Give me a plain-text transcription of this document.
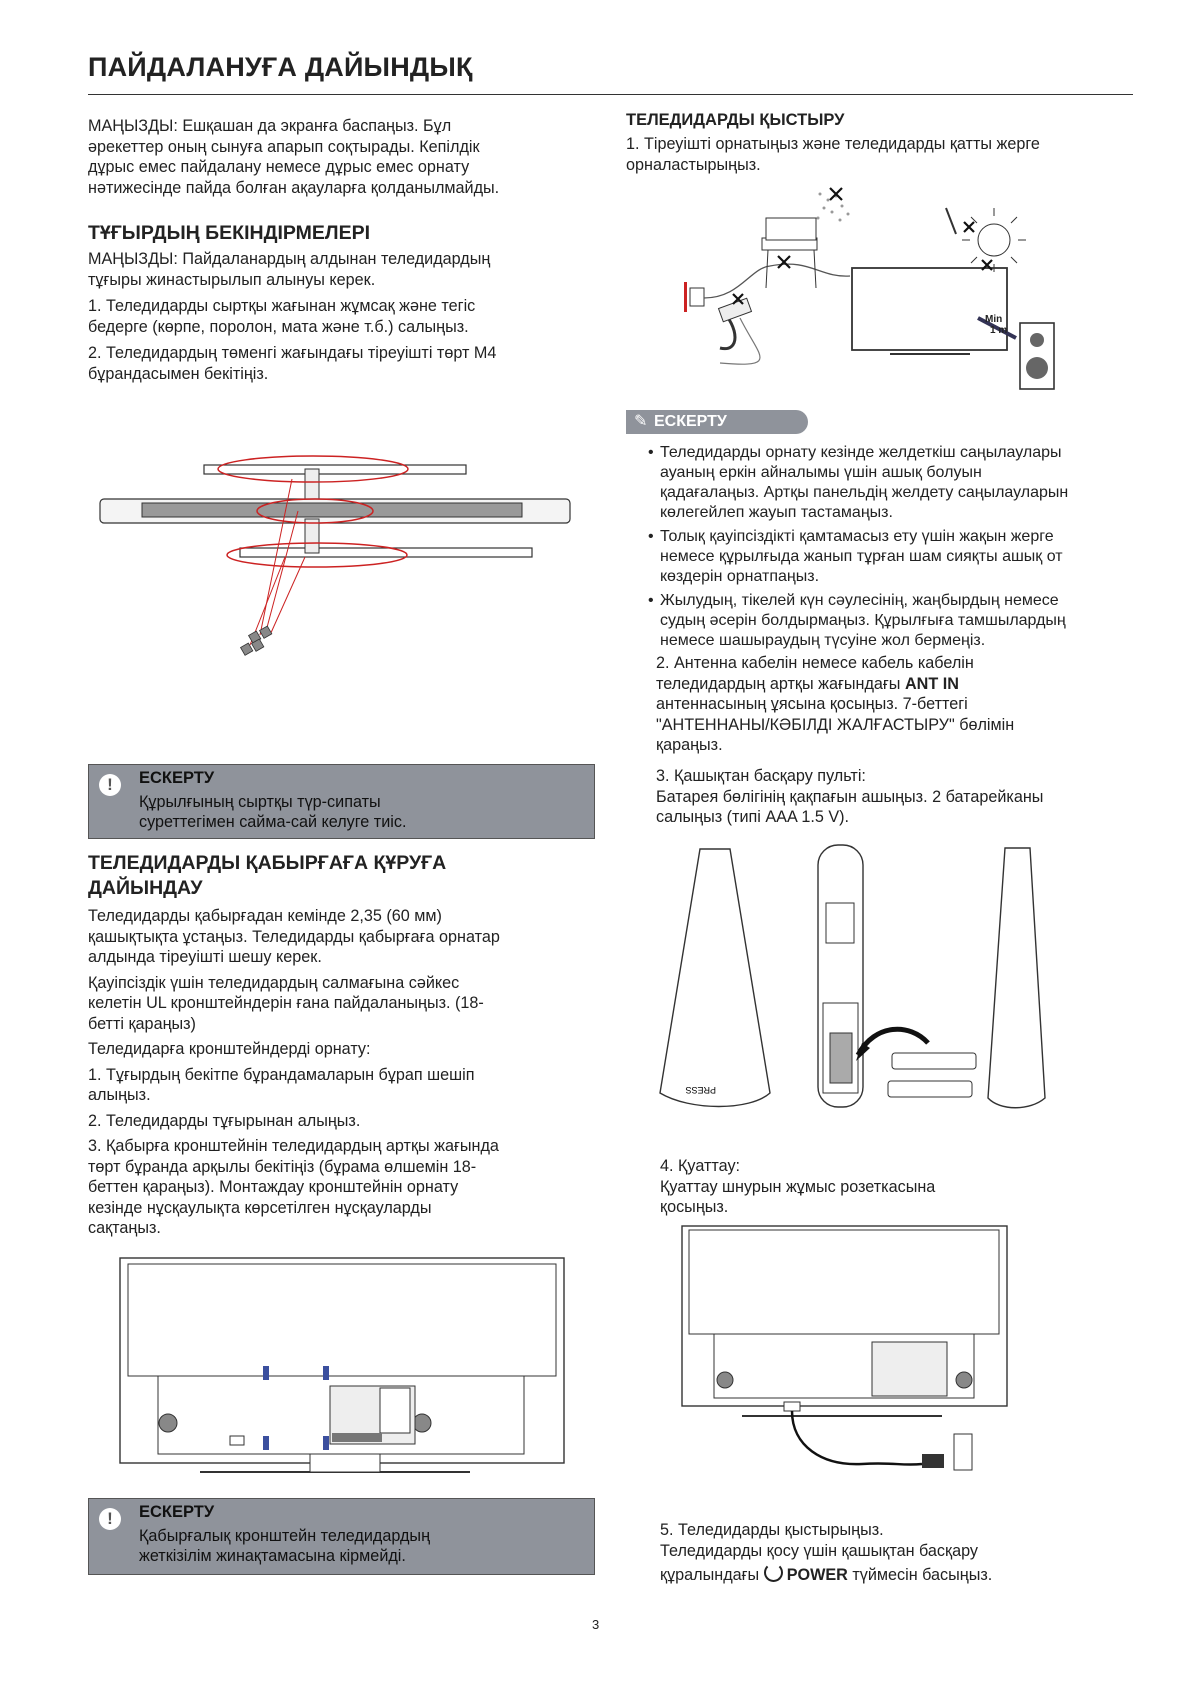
ПАЙДАЛАНУҒА ДАЙЫНДЫҚ

МАҢЫЗДЫ: Ешқашан да экранға баспаңыз. Бұл

әрекеттер оның сынуға апарып соқтырады. Кепілдік

дұрыс емес пайдалану немесе дұрыс емес орнату

нәтижесінде пайда болған ақауларға қолданылмайды.

ТҰҒЫРДЫҢ БЕКІНДІРМЕЛЕРІ

МАҢЫЗДЫ: Пайдаланардың алдынан теледидардың

тұғыры жинастырылып алынуы керек.

1. Теледидарды сыртқы жағынан жұмсақ және тегіс

бедерге (көрпе, поролон, мата және т.б.) салыңыз.

2. Теледидардың төменгі жағындағы тіреуішті төрт М4

бұрандасымен бекітіңіз.

!	ЕСКЕРТУ
Құрылғының сыртқы түр-сипаты
суреттегімен сайма-сай келуге тиіс.

ТЕЛЕДИДАРДЫ ҚАБЫРҒАҒА ҚҰРУҒА

ДАЙЫНДАУ

Теледидарды қабырғадан кемінде 2,35 (60 мм)

қашықтықта ұстаңыз. Теледидарды қабырғаға орнатар

алдында тіреуішті шешу керек.

Қауіпсіздік үшін теледидардың салмағына сәйкес

келетін UL кронштейндерін ғана пайдаланыңыз. (18-

бетті қараңыз)

Теледидарға кронштейндерді орнату:

1. Тұғырдың бекітпе бұрандамаларын бұрап шешіп

алыңыз.

2. Теледидарды тұғырынан алыңыз.

3. Қабырға кронштейнін теледидардың артқы жағында

төрт бұранда арқылы бекітіңіз (бұрама өлшемін 18-

беттен қараңыз). Монтаждау кронштейнін орнату

кезінде нұсқаулықта көрсетілген нұсқауларды

сақтаңыз.

!	ЕСКЕРТУ
Қабырғалық кронштейн теледидардың
жеткізілім жинақтамасына кірмейді.
ТЕЛЕДИДАРДЫ ҚЫСТЫРУ

1. Тіреуішті орнатыңыз және теледидарды қатты жерге

орналастырыңыз.

Min
1 m
✎ ЕСКЕРТУ
• Теледидарды орнату кезінде желдеткіш саңылаулары
ауаның еркін айналымы үшін ашық болуын
қадағалаңыз. Артқы панельдің желдету саңылауларын
көлегейлеп жауып тастамаңыз.
• Толық қауіпсіздікті қамтамасыз ету үшін жақын жерге
немесе құрылғыда жанып тұрған шам сияқты ашық от
көздерін орнатпаңыз.
• Жылудың, тікелей күн сәулесінің, жаңбырдың немесе
судың әсерін болдырмаңыз. Құрылғыға тамшылардың
немесе шашыраудың түсуіне жол бермеңіз.

2. Антенна кабелін немесе кабель кабелін

теледидардың артқы жағындағы ANT IN

антеннасының ұясына қосыңыз. 7-беттегі

"АНТЕННАНЫ/КӘБІЛДІ ЖАЛҒАСТЫРУ" бөлімін

қараңыз.

3. Қашықтан басқару пульті:

Батарея бөлігінің қақпағын ашыңыз. 2 батарейканы

салыңыз (типі AAA 1.5 V).

PRESS

4. Қуаттау:

Қуаттау шнурын жұмыс розеткасына

қосыңыз.

5. Теледидарды қыстырыңыз.

Теледидарды қосу үшін қашықтан басқару

құралындағы POWER түймесін басыңыз.

3
